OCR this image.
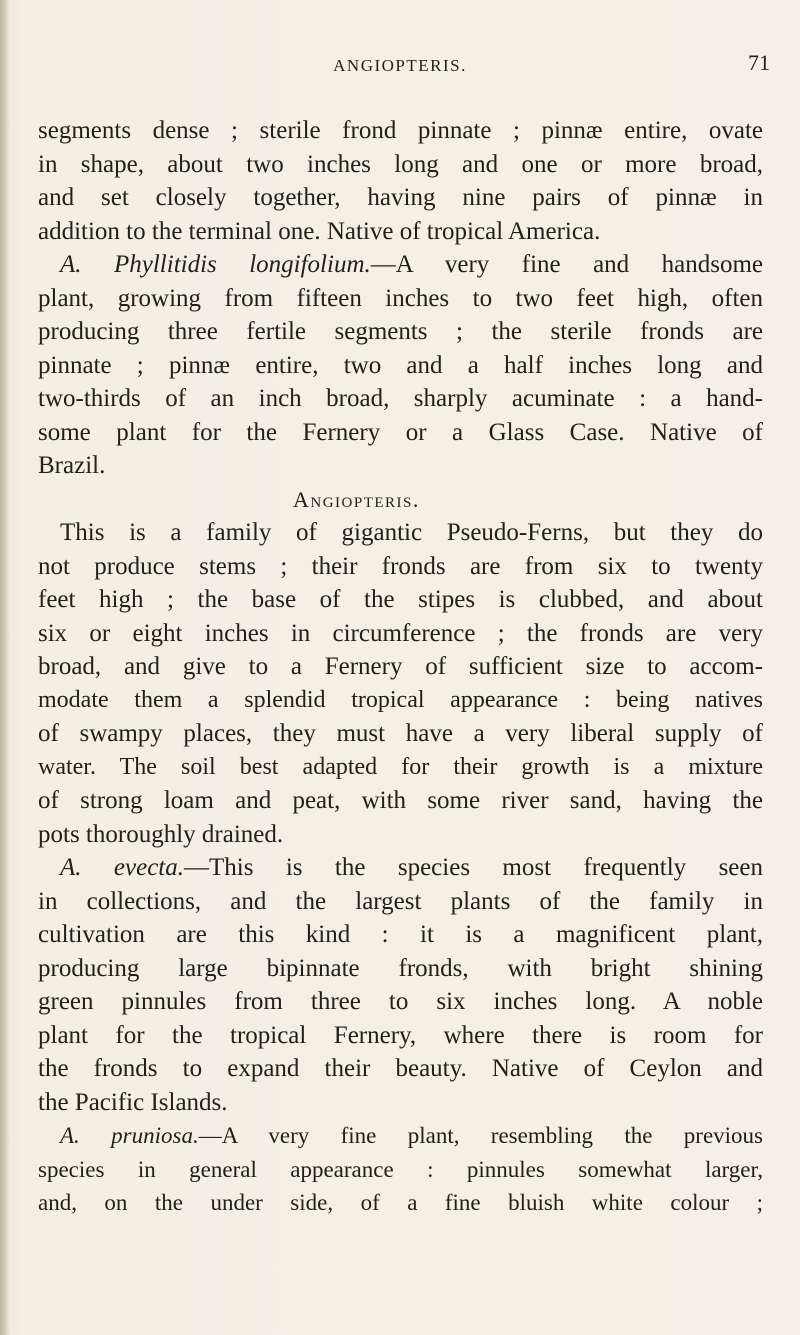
ANGIOPTERIS.	71
segments dense ; sterile frond pinnate ; pinnæ entire, ovate
in shape, about two inches long and one or more broad,
and set closely together, having nine pairs of pinnæ in
addition to the terminal one. Native of tropical America.
A. Phyllitidis longifolium.—A very fine and handsome
plant, growing from fifteen inches to two feet high, often
producing three fertile segments ; the sterile fronds are
pinnate ; pinnæ entire, two and a half inches long and
two-thirds of an inch broad, sharply acuminate : a hand-
some plant for the Fernery or a Glass Case. Native of
Brazil.
Angiopteris.
This is a family of gigantic Pseudo-Ferns, but they do
not produce stems ; their fronds are from six to twenty
feet high ; the base of the stipes is clubbed, and about
six or eight inches in circumference ; the fronds are very
broad, and give to a Fernery of sufficient size to accom-
modate them a splendid tropical appearance : being natives
of swampy places, they must have a very liberal supply of
water. The soil best adapted for their growth is a mixture
of strong loam and peat, with some river sand, having the
pots thoroughly drained.
A. evecta.—This is the species most frequently seen
in collections, and the largest plants of the family in
cultivation are this kind : it is a magnificent plant,
producing large bipinnate fronds, with bright shining
green pinnules from three to six inches long. A noble
plant for the tropical Fernery, where there is room for
the fronds to expand their beauty. Native of Ceylon and
the Pacific Islands.
A. pruniosa.—A very fine plant, resembling the previous
species in general appearance : pinnules somewhat larger,
and, on the under side, of a fine bluish white colour ;
